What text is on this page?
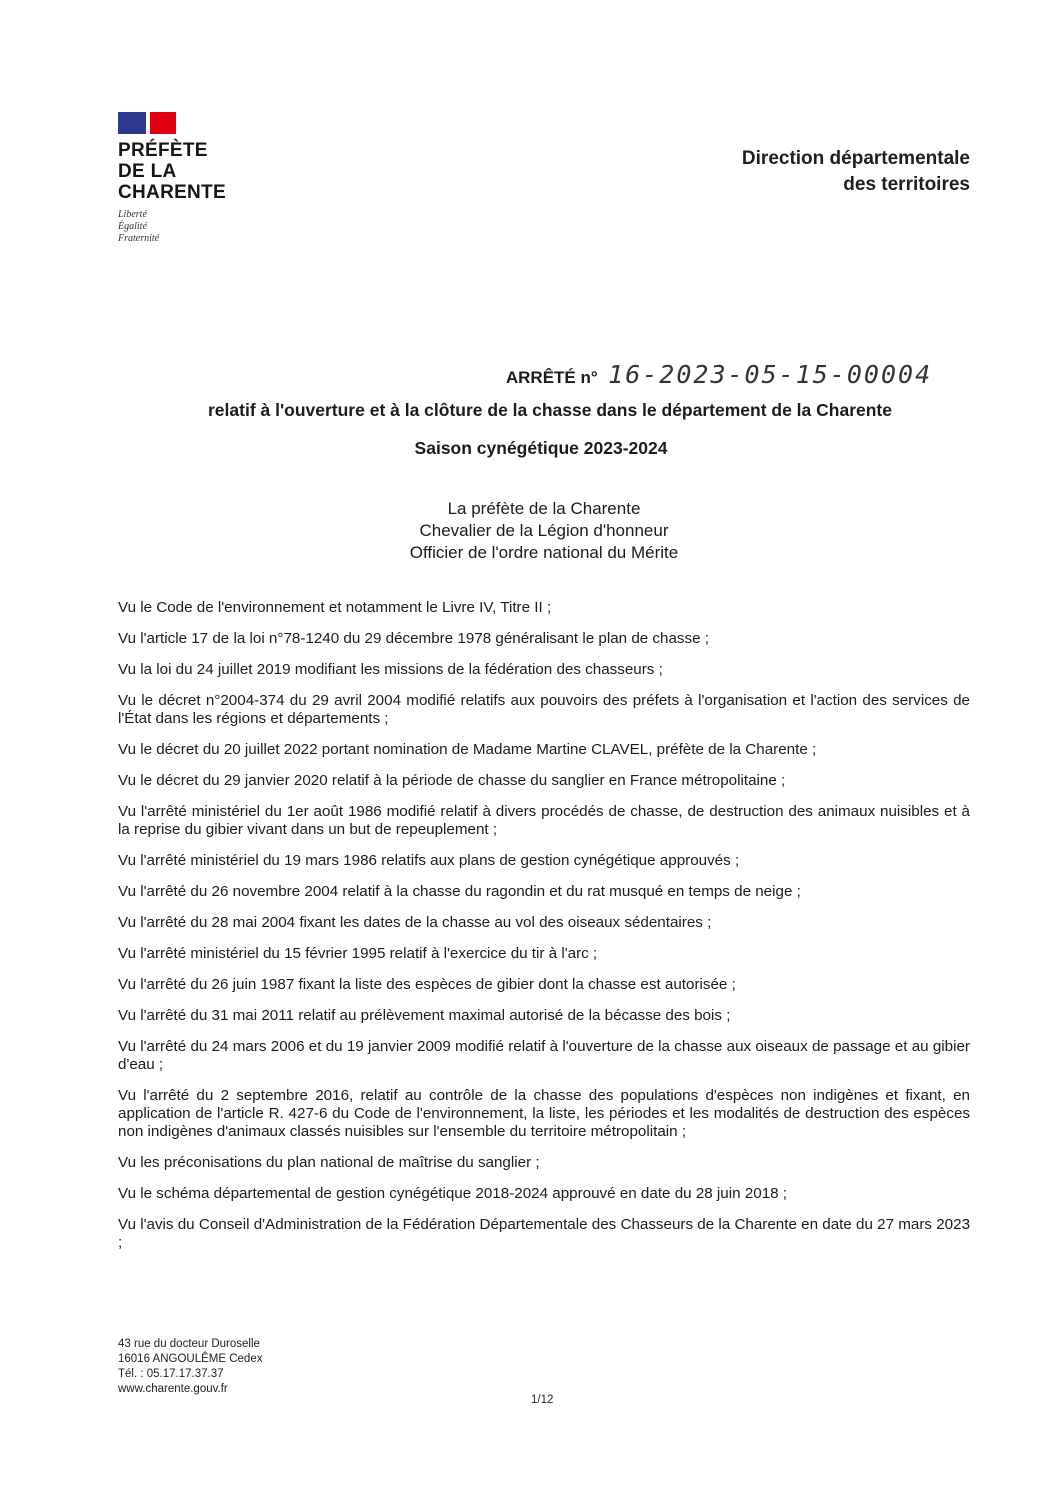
PRÉFÈTE

DE LA

CHARENTE

Liberté
Égalité
Fraternité
Direction départementale
des territoires
ARRÊTÉ n° 16-2023-05-15-00004
relatif à l'ouverture et à la clôture de la chasse dans le département de la Charente
Saison cynégétique 2023-2024
La préfète de la Charente
Chevalier de la Légion d'honneur
Officier de l'ordre national du Mérite

Vu le Code de l'environnement et notamment le Livre IV, Titre II ;

Vu l'article 17 de la loi n°78-1240 du 29 décembre 1978 généralisant le plan de chasse ;

Vu la loi du 24 juillet 2019 modifiant les missions de la fédération des chasseurs ;

Vu le décret n°2004-374 du 29 avril 2004 modifié relatifs aux pouvoirs des préfets à l'organisation et l'action des services de l'État dans les régions et départements ;

Vu le décret du 20 juillet 2022 portant nomination de Madame Martine CLAVEL, préfète de la Charente ;

Vu le décret du 29 janvier 2020 relatif à la période de chasse du sanglier en France métropolitaine ;

Vu l'arrêté ministériel du 1er août 1986 modifié relatif à divers procédés de chasse, de destruction des animaux nuisibles et à la reprise du gibier vivant dans un but de repeuplement ;

Vu l'arrêté ministériel du 19 mars 1986 relatifs aux plans de gestion cynégétique approuvés ;

Vu l'arrêté du 26 novembre 2004 relatif à la chasse du ragondin et du rat musqué en temps de neige ;

Vu l'arrêté du 28 mai 2004 fixant les dates de la chasse au vol des oiseaux sédentaires ;

Vu l'arrêté ministériel du 15 février 1995 relatif à l'exercice du tir à l'arc ;

Vu l'arrêté du 26 juin 1987 fixant la liste des espèces de gibier dont la chasse est autorisée ;

Vu l'arrêté du 31 mai 2011 relatif au prélèvement maximal autorisé de la bécasse des bois ;

Vu l'arrêté du 24 mars 2006 et du 19 janvier 2009 modifié relatif à l'ouverture de la chasse aux oiseaux de passage et au gibier d'eau ;

Vu l'arrêté du 2 septembre 2016, relatif au contrôle de la chasse des populations d'espèces non indigènes et fixant, en application de l'article R. 427-6 du Code de l'environnement, la liste, les périodes et les modalités de destruction des espèces non indigènes d'animaux classés nuisibles sur l'ensemble du territoire métropolitain ;

Vu les préconisations du plan national de maîtrise du sanglier ;

Vu le schéma départemental de gestion cynégétique 2018-2024 approuvé en date du 28 juin 2018 ;

Vu l'avis du Conseil d'Administration de la Fédération Départementale des Chasseurs de la Charente en date du 27 mars 2023 ;

43 rue du docteur Duroselle
16016 ANGOULÊME Cedex
Tél. : 05.17.17.37.37
www.charente.gouv.fr
1/12
